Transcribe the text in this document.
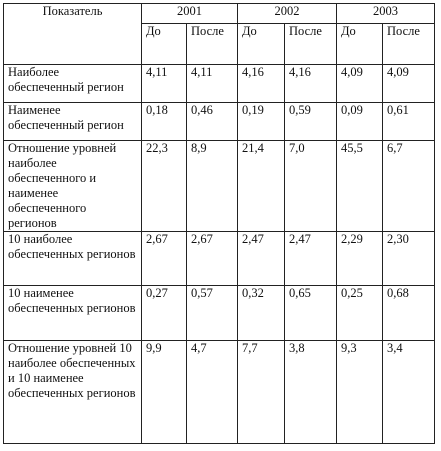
Показатель	2001		2002		2003	
	До	После	До	После	До	После
Наиболее обеспеченный регион	4,11	4,11	4,16	4,16	4,09	4,09
Наименее обеспеченный регион	0,18	0,46	0,19	0,59	0,09	0,61
Отношение уровней наиболее обеспеченного и наименее обеспеченного регионов	22,3	8,9	21,4	7,0	45,5	6,7
10 наиболее обеспеченных регионов	2,67	2,67	2,47	2,47	2,29	2,30
10 наименее обеспеченных регионов	0,27	0,57	0,32	0,65	0,25	0,68
Отношение уровней 10 наиболее обеспеченных и 10 наименее обеспеченных регионов	9,9	4,7	7,7	3,8	9,3	3,4
